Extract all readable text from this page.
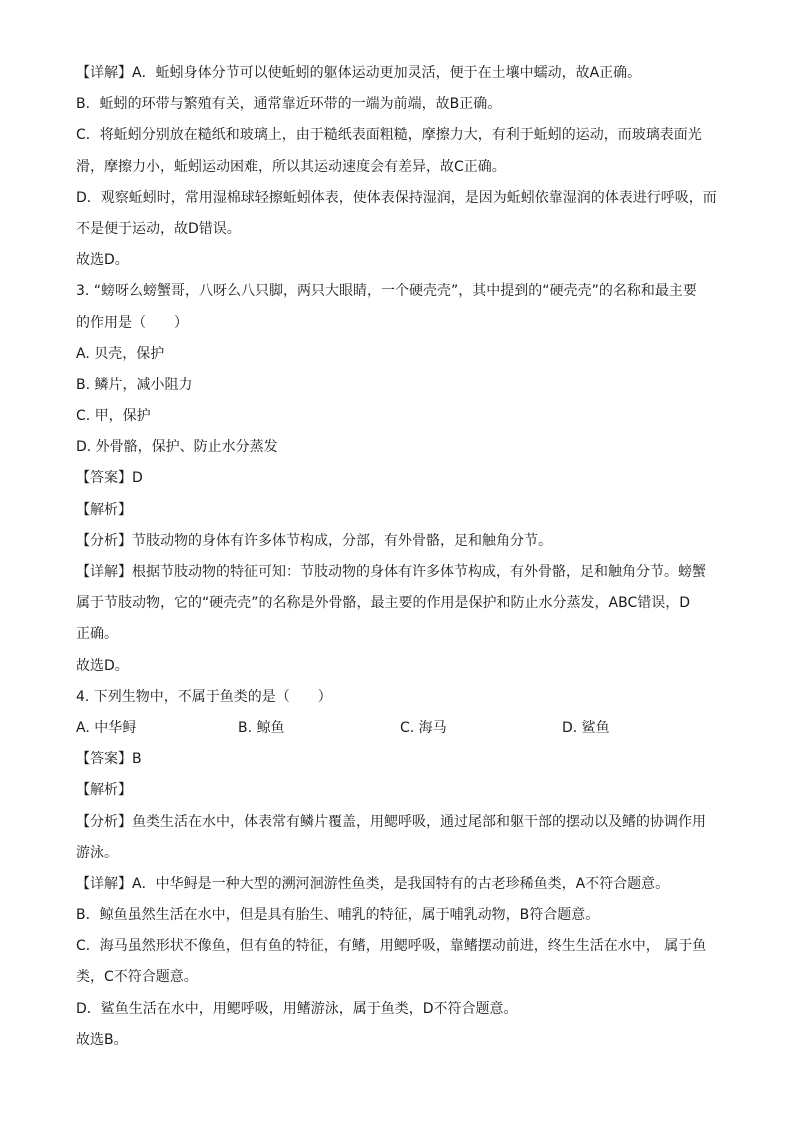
【详解】A．蚯蚓身体分节可以使蚯蚓的躯体运动更加灵活，便于在土壤中蠕动，故A正确。
B．蚯蚓的环带与繁殖有关，通常靠近环带的一端为前端，故B正确。
C．将蚯蚓分别放在糙纸和玻璃上，由于糙纸表面粗糙，摩擦力大，有利于蚯蚓的运动，而玻璃表面光
滑，摩擦力小，蚯蚓运动困难，所以其运动速度会有差异，故C正确。
D．观察蚯蚓时，常用湿棉球轻擦蚯蚓体表，使体表保持湿润，是因为蚯蚓依靠湿润的体表进行呼吸，而
不是便于运动，故D错误。
故选D。
3. “螃呀么螃蟹哥，八呀么八只脚，两只大眼睛，一个硬壳壳”，其中提到的“硬壳壳”的名称和最主要
的作用是（　　）
A. 贝壳，保护
B. 鳞片，减小阻力
C. 甲，保护
D. 外骨骼，保护、防止水分蒸发
【答案】D
【解析】
【分析】节肢动物的身体有许多体节构成，分部，有外骨骼，足和触角分节。
【详解】根据节肢动物的特征可知：节肢动物的身体有许多体节构成，有外骨骼，足和触角分节。螃蟹
属于节肢动物，它的“硬壳壳”的名称是外骨骼，最主要的作用是保护和防止水分蒸发，ABC错误，D
正确。
故选D。
4. 下列生物中，不属于鱼类的是（　　）
A. 中华鲟	B. 鲸鱼	C. 海马	D. 鲨鱼
【答案】B
【解析】
【分析】鱼类生活在水中，体表常有鳞片覆盖，用鳃呼吸，通过尾部和躯干部的摆动以及鳍的协调作用
游泳。
【详解】A．中华鲟是一种大型的溯河洄游性鱼类，是我国特有的古老珍稀鱼类，A不符合题意。
B．鲸鱼虽然生活在水中，但是具有胎生、哺乳的特征，属于哺乳动物，B符合题意。
C．海马虽然形状不像鱼，但有鱼的特征，有鳍，用鳃呼吸，靠鳍摆动前进，终生生活在水中， 属于鱼
类，C不符合题意。
D．鲨鱼生活在水中，用鳃呼吸，用鳍游泳，属于鱼类，D不符合题意。
故选B。
